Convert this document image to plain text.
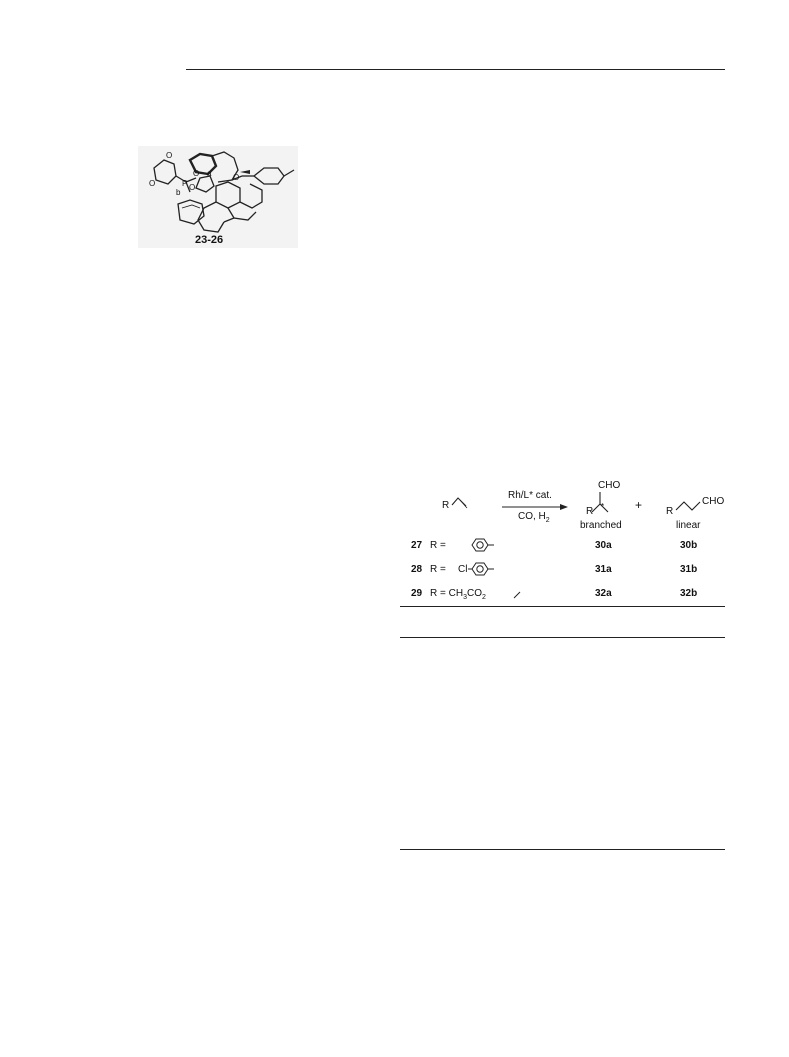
O
O	P
O
O
a
b
O
23-26
R
Rh/L* cat.
CO, $H_2$
CHO
R *	+ R
CHO
branched	linear
27 R =	30a	30b
28 R = Cl	31a	31b
29 $R = CH_3CO_2$	32a	32b
